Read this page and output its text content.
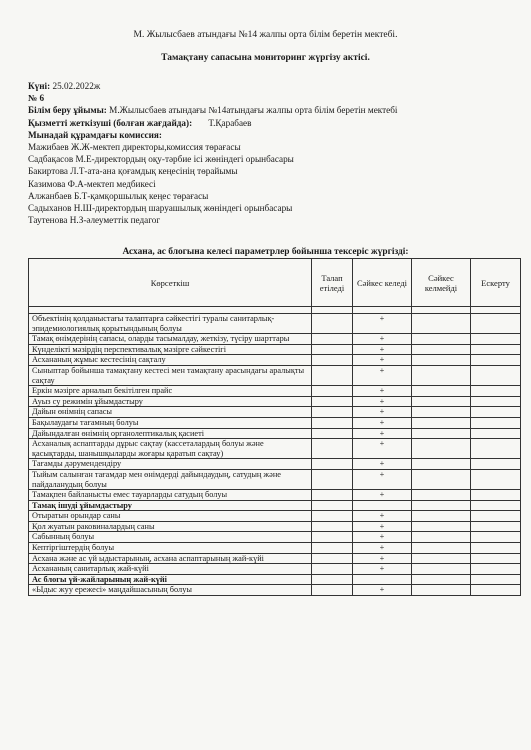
М. Жылысбаев атындағы №14 жалпы орта білім беретін мектебі.
Тамақтану сапасына мониторинг жүргізу актісі.
Күні: 25.02.2022ж
№ 6
Білім беру ұйымы: М.Жылысбаев атындағы №14атындағы жалпы орта білім беретін мектебі
Қызметті жеткізуші (болған жағдайда): Т.Қарабаев
Мынадай құрамдағы комиссия:
Мажибаев Ж.Ж-мектеп директоры,комиссия төрағасы
Садбақасов М.Е-директордың оқу-тәрбие ісі жөніндегі орынбасары
Бакиртова Л.Т-ата-ана қоғамдық кеңесінің төрайымы
Казимова Ф.А-мектеп медбикесі
Алжанбаев Б.Т-қамқоршылық кеңес төрағасы
Садыханов Н.Ш-директордың шаруашылық жөніндегі орынбасары
Таутенова Н.З-әлеуметтік педагог
Асхана, ас блогына келесі параметрлер бойынша тексеріс жүргізді:
Көрсеткіш	Талап етіледі	Сәйкес келеді	Сәйкес келмейді	Ескерту

Объектінің қолданыстағы талаптарға сәйкестігі туралы санитарлық-эпидемиологиялық қорытындының болуы		+		
Тамақ өнімдерінің сапасы, оларды тасымалдау, жеткізу, түсіру шарттары		+		
Күнделікті мәзірдің перспективалық мәзірге сәйкестігі		+		
Асхананың жұмыс кестесінің сақталу		+		
Сыныптар бойынша тамақтану кестесі мен тамақтану арасындағы аралықты сақтау		+		
Еркін мәзірге арналып бекітілген прайс		+		
Ауыз су режимін ұйымдастыру		+		
Дайын өнімнің сапасы		+		
Бақылаудағы тағамның болуы		+		
Дайындалған өнімнің органолептикалық қасиеті		+		
Асханалық аспаптарды дұрыс сақтау (кассеталардың болуы және қасықтарды, шанышқыларды жоғары қаратып сақтау)		+		
Тағамды дәрумендендіру		+		
Тыйым салынған тағамдар мен өнімдерді дайындаудың, сатудың және пайдаланудың болуы		+		
Тамақпен байланысты емес тауарларды сатудың болуы		+		
Тамақ ішуді ұйымдастыру				
Отыратын орындар саны		+		
Қол жуатын раковиналардың саны		+		
Сабынның болуы		+		
Кептіргіштердің болуы		+		
Асхана және ас үй ыдыстарының, асхана аспаптарының жай-күйі		+		
Асхананың санитарлық жай-күйі		+		
Ас блогы үй-жайларының жай-күйі				
«Ыдыс жуу ережесі» маңдайшасының болуы		+		
